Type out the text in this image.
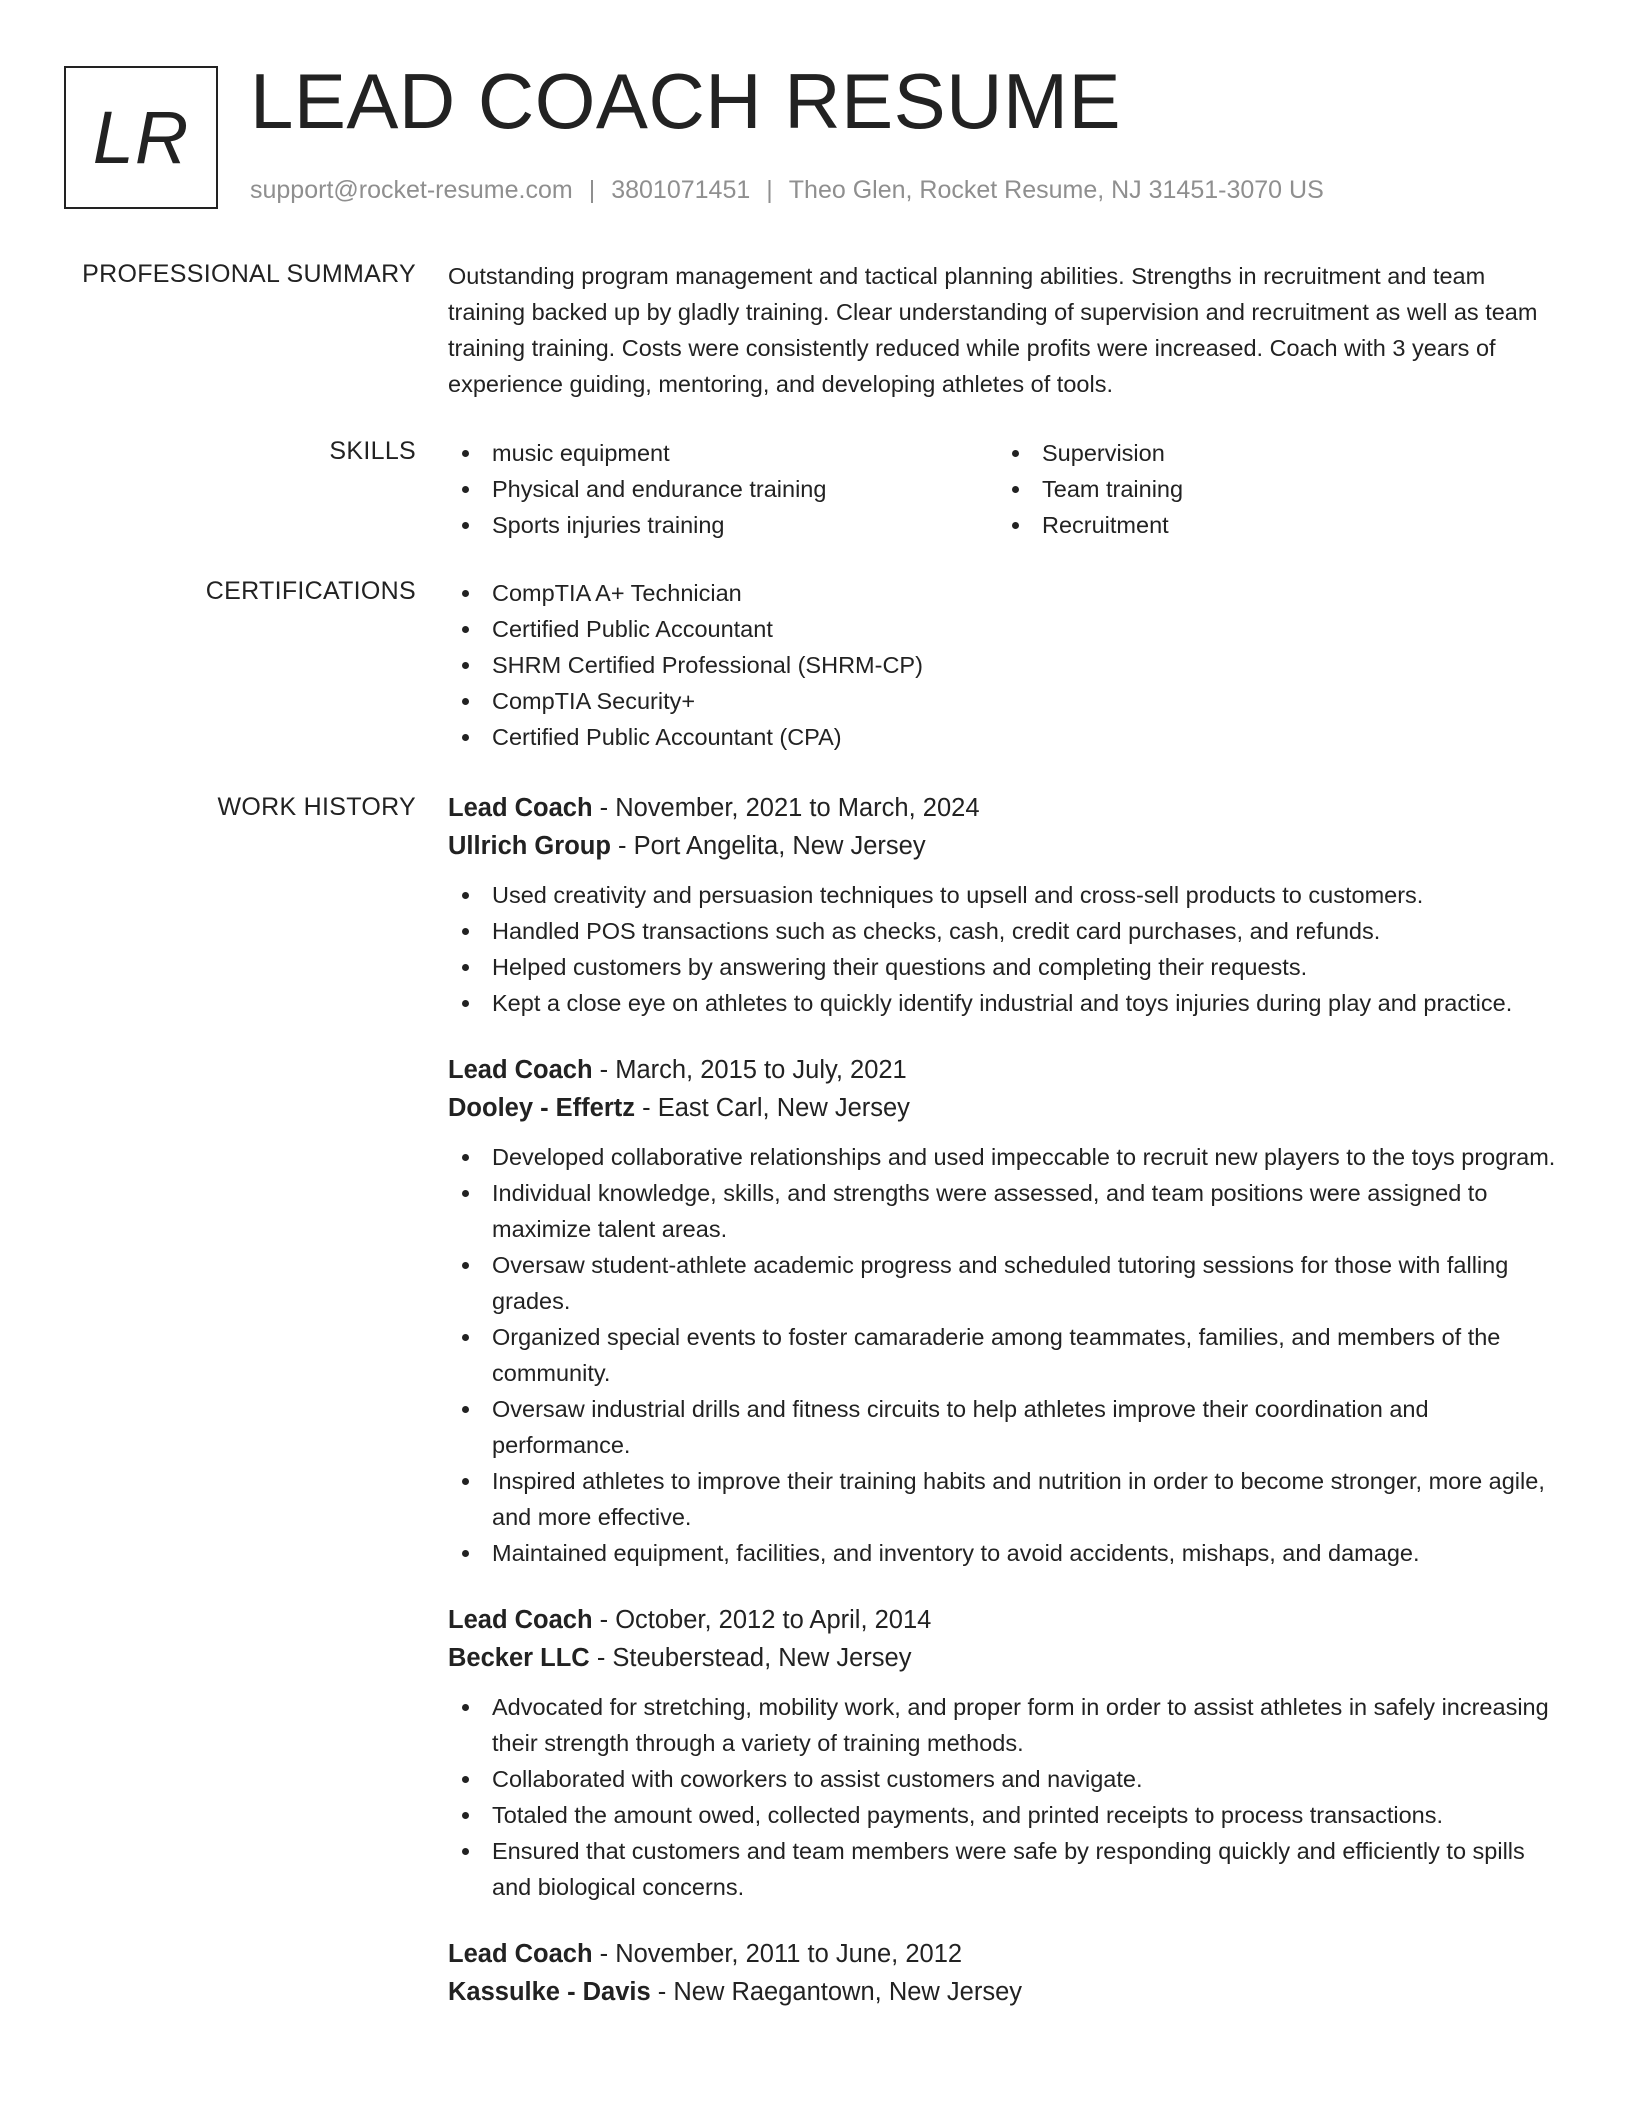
LR LEAD COACH RESUME
support@rocket-resume.com | 3801071451 | Theo Glen, Rocket Resume, NJ 31451-3070 US
PROFESSIONAL SUMMARY Outstanding program management and tactical planning abilities. Strengths in recruitment and team training backed up by gladly training. Clear understanding of supervision and recruitment as well as team training training. Costs were consistently reduced while profits were increased. Coach with 3 years of experience guiding, mentoring, and developing athletes of tools.
SKILLS	music equipment
Physical and endurance training
Sports injuries training
Supervision
Team training
Recruitment
CERTIFICATIONS	CompTIA A+ Technician
Certified Public Accountant
SHRM Certified Professional (SHRM-CP)
CompTIA Security+
Certified Public Accountant (CPA)
WORK HISTORY Lead Coach - November, 2021 to March, 2024
Ullrich Group - Port Angelita, New Jersey
Used creativity and persuasion techniques to upsell and cross-sell products to customers.
Handled POS transactions such as checks, cash, credit card purchases, and refunds.
Helped customers by answering their questions and completing their requests.
Kept a close eye on athletes to quickly identify industrial and toys injuries during play and practice.
Lead Coach - March, 2015 to July, 2021
Dooley - Effertz - East Carl, New Jersey
Developed collaborative relationships and used impeccable to recruit new players to the toys program.
Individual knowledge, skills, and strengths were assessed, and team positions were assigned to maximize talent areas.
Oversaw student-athlete academic progress and scheduled tutoring sessions for those with falling grades.
Organized special events to foster camaraderie among teammates, families, and members of the community.
Oversaw industrial drills and fitness circuits to help athletes improve their coordination and performance.
Inspired athletes to improve their training habits and nutrition in order to become stronger, more agile, and more effective.
Maintained equipment, facilities, and inventory to avoid accidents, mishaps, and damage.
Lead Coach - October, 2012 to April, 2014
Becker LLC - Steuberstead, New Jersey
Advocated for stretching, mobility work, and proper form in order to assist athletes in safely increasing their strength through a variety of training methods.
Collaborated with coworkers to assist customers and navigate.
Totaled the amount owed, collected payments, and printed receipts to process transactions.
Ensured that customers and team members were safe by responding quickly and efficiently to spills and biological concerns.
Lead Coach - November, 2011 to June, 2012
Kassulke - Davis - New Raegantown, New Jersey
